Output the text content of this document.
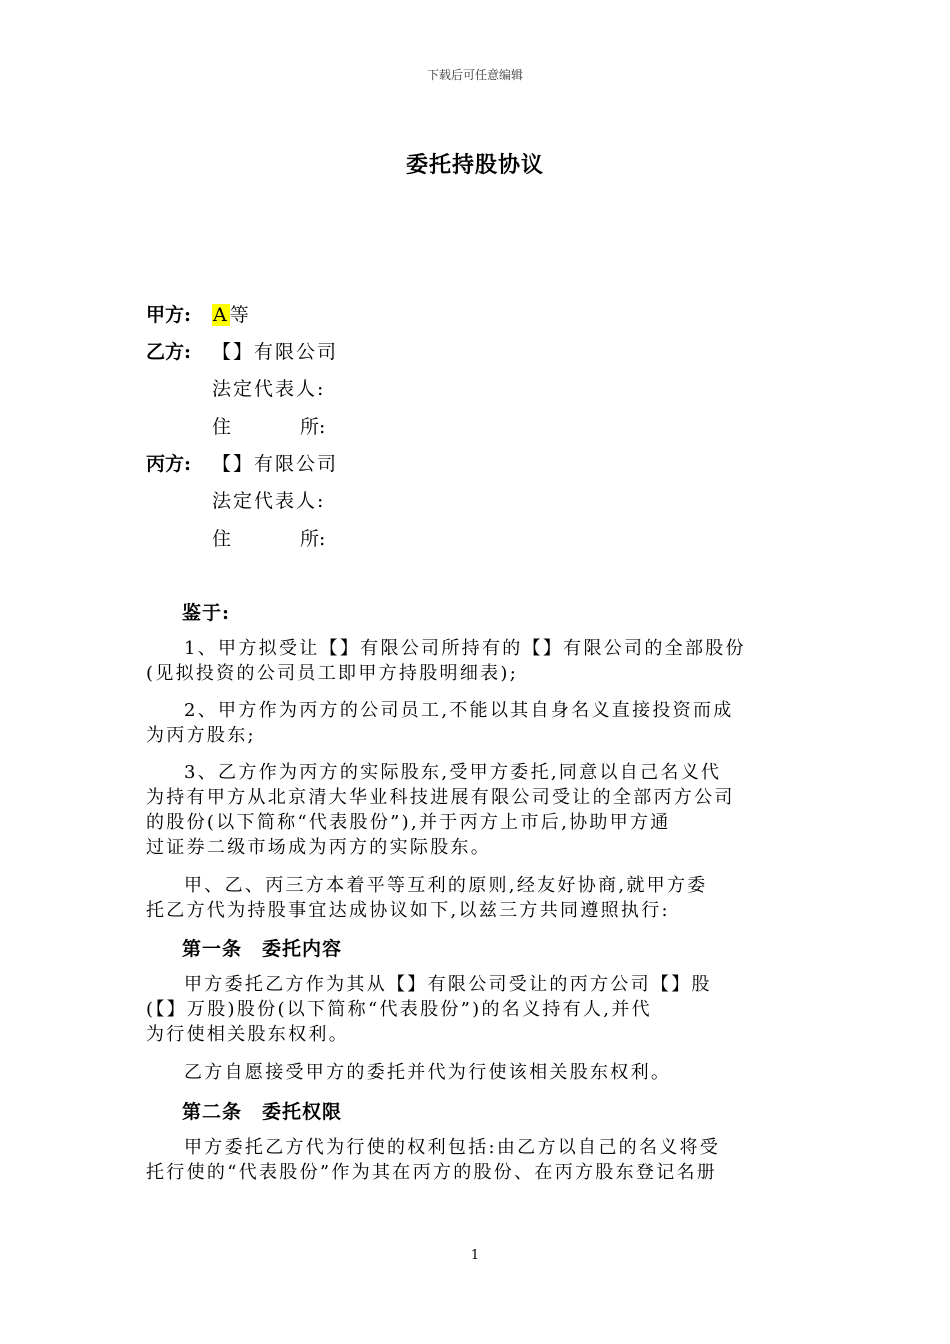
下载后可任意编辑
委托持股协议
甲方: A等
乙方: 【】有限公司
法定代表人:
住	所:
丙方: 【】有限公司
法定代表人:
住	所:
鉴于:
1、甲方拟受让【】有限公司所持有的【】有限公司的全部股份
(见拟投资的公司员工即甲方持股明细表);
2、甲方作为丙方的公司员工,不能以其自身名义直接投资而成
为丙方股东;
3、乙方作为丙方的实际股东,受甲方委托,同意以自己名义代
为持有甲方从北京清大华业科技进展有限公司受让的全部丙方公司
的股份(以下简称“代表股份”),并于丙方上市后,协助甲方通
过证券二级市场成为丙方的实际股东。
甲、乙、丙三方本着平等互利的原则,经友好协商,就甲方委
托乙方代为持股事宜达成协议如下,以兹三方共同遵照执行:
第一条　委托内容
甲方委托乙方作为其从【】有限公司受让的丙方公司【】股
(【】万股)股份(以下简称“代表股份”)的名义持有人,并代
为行使相关股东权利。
乙方自愿接受甲方的委托并代为行使该相关股东权利。
第二条　委托权限
甲方委托乙方代为行使的权利包括:由乙方以自己的名义将受
托行使的“代表股份”作为其在丙方的股份、在丙方股东登记名册
1
